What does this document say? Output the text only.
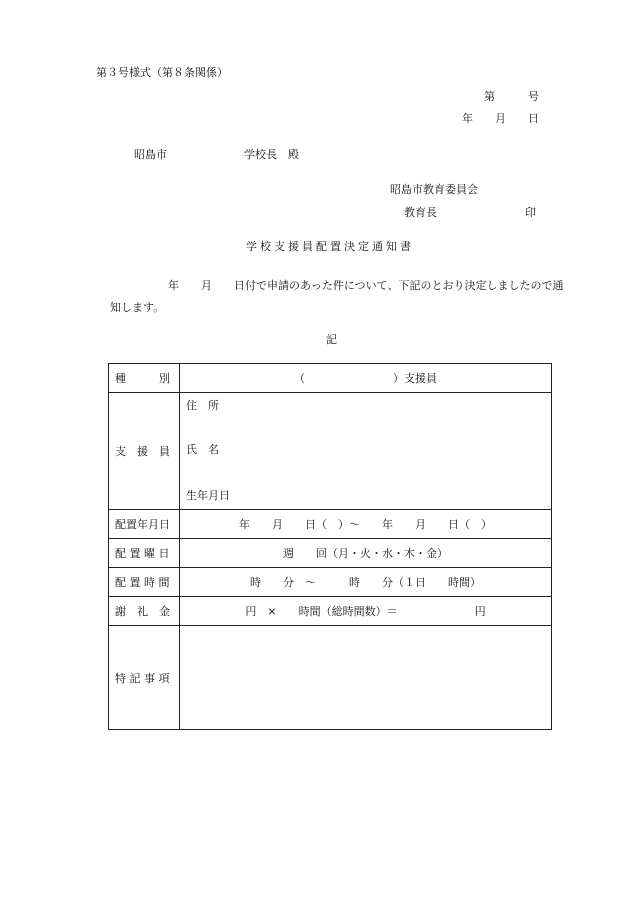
第３号様式（第８条関係）
第　　　号
年　　月　　日
昭島市　　　　　　　学校長　殿
昭島市教育委員会
教育長　　　　　　　　印
学校支援員配置決定通知書
年　　月　　日付で申請のあった件について、下記のとおり決定しましたので通知します。
記
種　　　別	（　　　　　　　　）支援員
支　援　員	住　所
氏　名
生年月日

配置年月日	年　　月　　日（　）～　　年　　月　　日（　）
配 置 曜 日	週　　回（月・火・水・木・金）
配 置 時 間	時　　分　～　　　時　　分（１日　　時間）
謝　礼　金	円　×　　時間（総時間数）＝　　　　　　　円
特 記 事 項	
